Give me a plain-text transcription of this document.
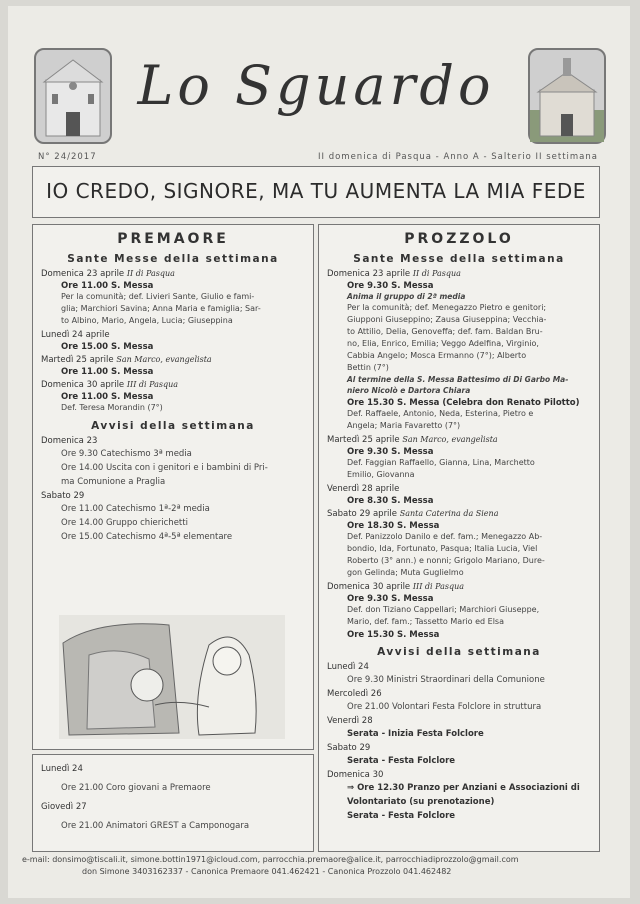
Lo Sguardo
N° 24/2017	II domenica di Pasqua - Anno A - Salterio II settimana
IO CREDO, SIGNORE, MA TU AUMENTA LA MIA FEDE
PREMAORE
Sante Messe della settimana
Domenica 23 aprile II di Pasqua
Ore 11.00 S. Messa
Per la comunità; def. Livieri Sante, Giulio e fami-
glia; Marchiori Savina; Anna Maria e famiglia; Sar-
to Albino, Mario, Angela, Lucia; Giuseppina
Lunedì 24 aprile
Ore 15.00 S. Messa
Martedì 25 aprile San Marco, evangelista
Ore 11.00 S. Messa
Domenica 30 aprile III di Pasqua
Ore 11.00 S. Messa
Def. Teresa Morandin (7°)
Avvisi della settimana
Domenica 23
Ore 9.30 Catechismo 3ª media
Ore 14.00 Uscita con i genitori e i bambini di Pri-
ma Comunione a Praglia
Sabato 29
Ore 11.00 Catechismo 1ª-2ª media
Ore 14.00 Gruppo chierichetti
Ore 15.00 Catechismo 4ª-5ª elementare
Lunedì 24
Ore 21.00 Coro giovani a Premaore
Giovedì 27
Ore 21.00 Animatori GREST a Camponogara
PROZZOLO
Sante Messe della settimana
Domenica 23 aprile II di Pasqua
Ore 9.30 S. Messa
Anima il gruppo di 2ª media
Per la comunità; def. Menegazzo Pietro e genitori;
Giupponi Giuseppino; Zausa Giuseppina; Vecchia-
to Attilio, Delia, Genoveffa; def. fam. Baldan Bru-
no, Elia, Enrico, Emilia; Veggo Adelfina, Virginio,
Cabbia Angelo; Mosca Ermanno (7°); Alberto
Bettin (7°)
Al termine della S. Messa Battesimo di Di Garbo Ma-
niero Nicolò e Dartora Chiara
Ore 15.30 S. Messa (Celebra don Renato Pilotto)
Def. Raffaele, Antonio, Neda, Esterina, Pietro e
Angela; Maria Favaretto (7°)
Martedì 25 aprile San Marco, evangelista
Ore 9.30 S. Messa
Def. Faggian Raffaello, Gianna, Lina, Marchetto
Emilio, Giovanna
Venerdì 28 aprile
Ore 8.30 S. Messa
Sabato 29 aprile Santa Caterina da Siena
Ore 18.30 S. Messa
Def. Panizzolo Danilo e def. fam.; Menegazzo Ab-
bondio, Ida, Fortunato, Pasqua; Italia Lucia, Viel
Roberto (3° ann.) e nonni; Grigolo Mariano, Dure-
gon Gelinda; Muta Guglielmo
Domenica 30 aprile III di Pasqua
Ore 9.30 S. Messa
Def. don Tiziano Cappellari; Marchiori Giuseppe,
Mario, def. fam.; Tassetto Mario ed Elsa
Ore 15.30 S. Messa
Avvisi della settimana
Lunedì 24
Ore 9.30 Ministri Straordinari della Comunione
Mercoledì 26
Ore 21.00 Volontari Festa Folclore in struttura
Venerdì 28
Serata - Inizia Festa Folclore
Sabato 29
Serata - Festa Folclore
Domenica 30
⇒ Ore 12.30 Pranzo per Anziani e Associazioni di
Volontariato (su prenotazione)
Serata - Festa Folclore
e-mail: donsimo@tiscali.it, simone.bottin1971@icloud.com, parrocchia.premaore@alice.it, parrocchiadiprozzolo@gmail.com
don Simone 3403162337 - Canonica Premaore 041.462421 - Canonica Prozzolo 041.462482
